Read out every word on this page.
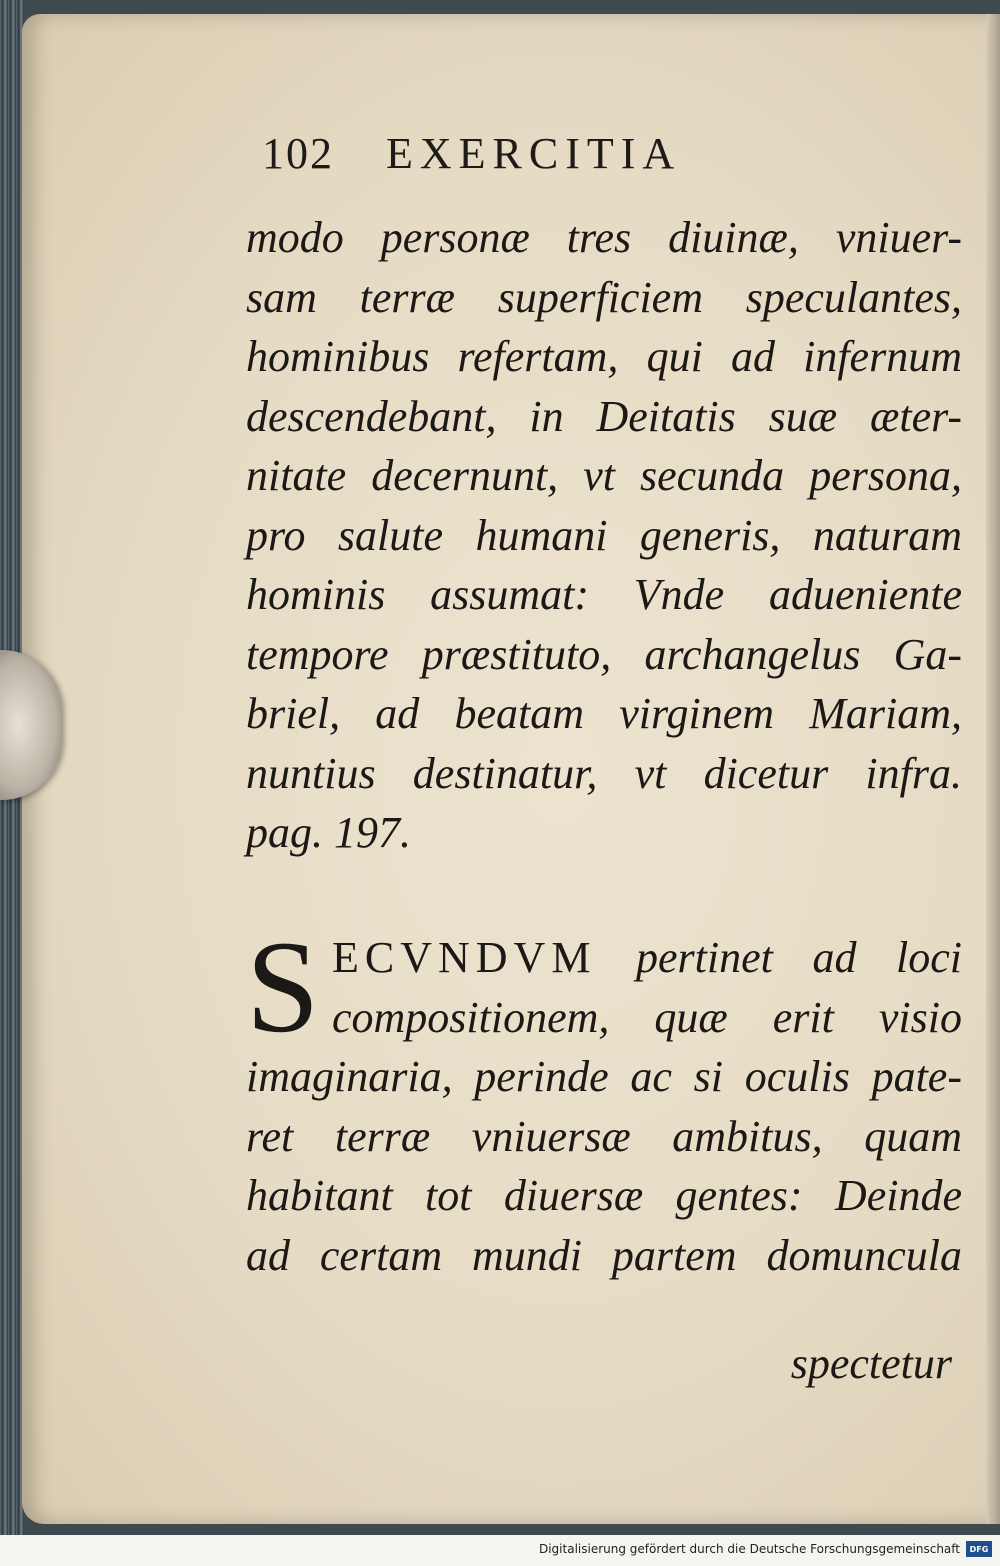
102 EXERCITIA
modo personæ tres diuinæ, vniuer-
sam terræ superficiem speculantes,
hominibus refertam, qui ad infernum
descendebant, in Deitatis suæ æter-
nitate decernunt, vt secunda persona,
pro salute humani generis, naturam
hominis assumat: Vnde adueniente
tempore præstituto, archangelus Ga-
briel, ad beatam virginem Mariam,
nuntius destinatur, vt dicetur infra.
pag. 197.
S ECVNDVM pertinet ad loci
compositionem, quæ erit visio
imaginaria, perinde ac si oculis pate-
ret terræ vniuersæ ambitus, quam
habitant tot diuersæ gentes: Deinde
ad certam mundi partem domuncula
spectetur
Digitalisierung gefördert durch die Deutsche Forschungsgemeinschaft	DFG
